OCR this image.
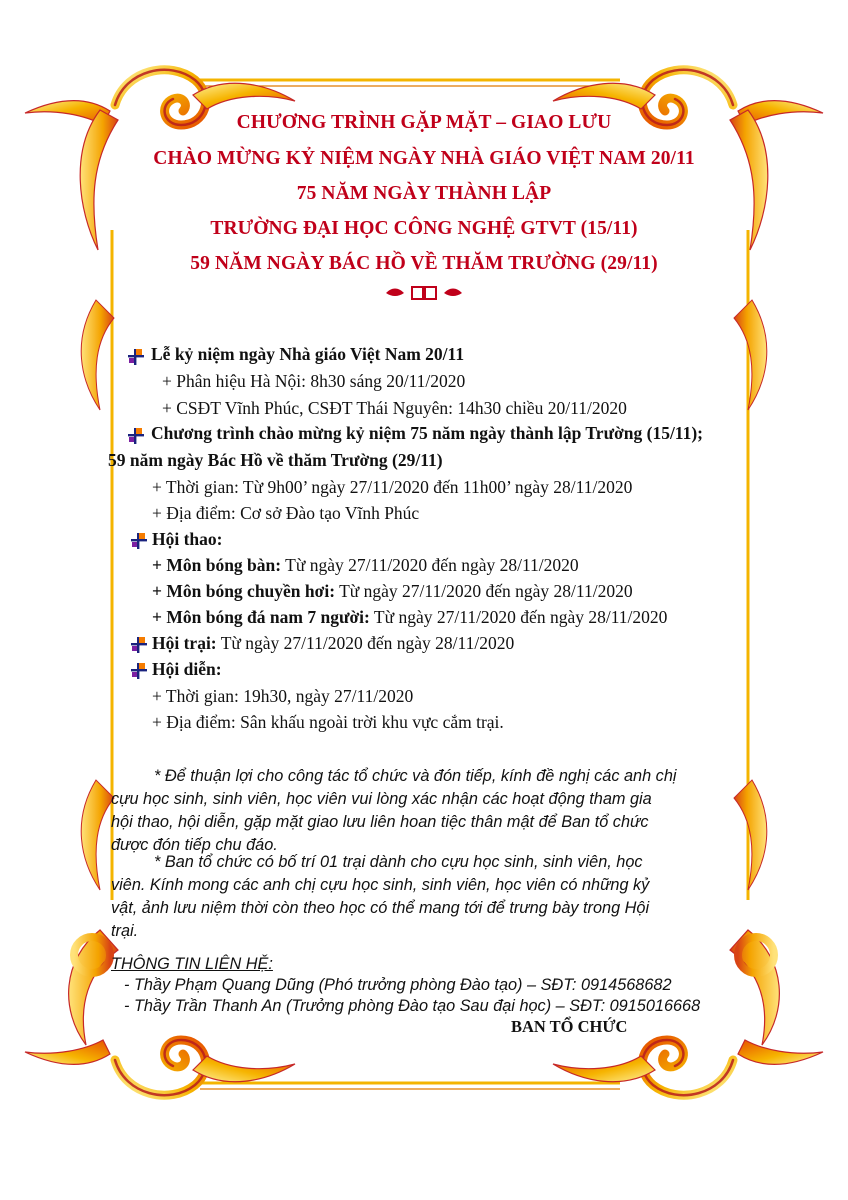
CHƯƠNG TRÌNH GẶP MẶT – GIAO LƯU
CHÀO MỪNG KỶ NIỆM NGÀY NHÀ GIÁO VIỆT NAM 20/11
75 NĂM NGÀY THÀNH LẬP
TRƯỜNG ĐẠI HỌC CÔNG NGHỆ GTVT (15/11)
59 NĂM NGÀY BÁC HỒ VỀ THĂM TRƯỜNG (29/11)
Lễ kỷ niệm ngày Nhà giáo Việt Nam 20/11
+ Phân hiệu Hà Nội: 8h30 sáng 20/11/2020
+ CSĐT Vĩnh Phúc, CSĐT Thái Nguyên: 14h30 chiều 20/11/2020
Chương trình chào mừng kỷ niệm 75 năm ngày thành lập Trường (15/11);
59 năm ngày Bác Hồ về thăm Trường (29/11)
+ Thời gian: Từ 9h00’ ngày 27/11/2020 đến 11h00’ ngày 28/11/2020
+ Địa điểm: Cơ sở Đào tạo Vĩnh Phúc
Hội thao:
+ Môn bóng bàn: Từ ngày 27/11/2020 đến ngày 28/11/2020
+ Môn bóng chuyền hơi: Từ ngày 27/11/2020 đến ngày 28/11/2020
+ Môn bóng đá nam 7 người: Từ ngày 27/11/2020 đến ngày 28/11/2020
Hội trại: Từ ngày 27/11/2020 đến ngày 28/11/2020
Hội diễn:
+ Thời gian: 19h30, ngày 27/11/2020
+ Địa điểm: Sân khấu ngoài trời khu vực cắm trại.
* Để thuận lợi cho công tác tổ chức và đón tiếp, kính đề nghị các anh chị
cựu học sinh, sinh viên, học viên vui lòng xác nhận các hoạt động tham gia
hội thao, hội diễn, gặp mặt giao lưu liên hoan tiệc thân mật để Ban tổ chức
được đón tiếp chu đáo.
* Ban tổ chức có bố trí 01 trại dành cho cựu học sinh, sinh viên, học
viên. Kính mong các anh chị cựu học sinh, sinh viên, học viên có những kỷ
vật, ảnh lưu niệm thời còn theo học có thể mang tới để trưng bày trong Hội
trại.
THÔNG TIN LIÊN HỆ:
- Thầy Phạm Quang Dũng (Phó trưởng phòng Đào tạo) – SĐT: 0914568682
- Thầy Trần Thanh An (Trưởng phòng Đào tạo Sau đại học) – SĐT: 0915016668
BAN TỔ CHỨC
